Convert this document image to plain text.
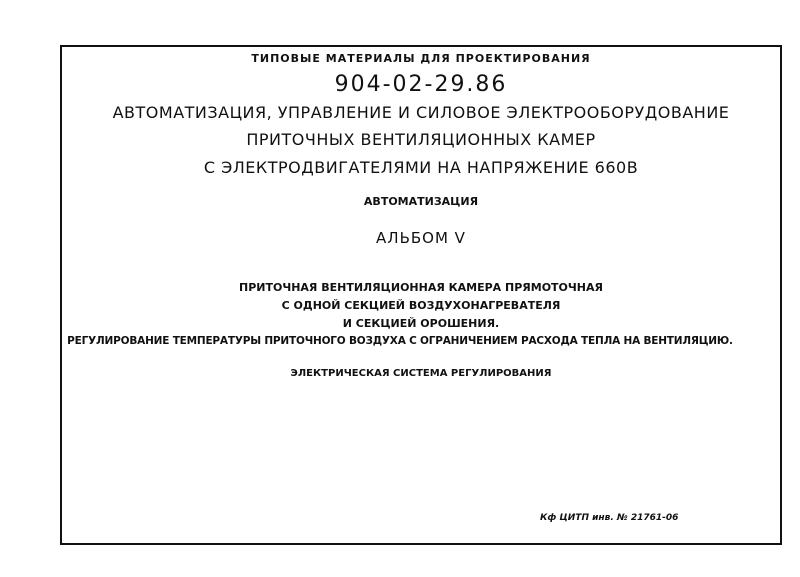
ТИПОВЫЕ МАТЕРИАЛЫ ДЛЯ ПРОЕКТИРОВАНИЯ
904-02-29.86
АВТОМАТИЗАЦИЯ, УПРАВЛЕНИЕ И СИЛОВОЕ ЭЛЕКТРООБОРУДОВАНИЕ
ПРИТОЧНЫХ ВЕНТИЛЯЦИОННЫХ КАМЕР
С ЭЛЕКТРОДВИГАТЕЛЯМИ НА НАПРЯЖЕНИЕ 660В
АВТОМАТИЗАЦИЯ
АЛЬБОМ V
ПРИТОЧНАЯ ВЕНТИЛЯЦИОННАЯ КАМЕРА ПРЯМОТОЧНАЯ
С ОДНОЙ СЕКЦИЕЙ ВОЗДУХОНАГРЕВАТЕЛЯ
И СЕКЦИЕЙ ОРОШЕНИЯ.
РЕГУЛИРОВАНИЕ ТЕМПЕРАТУРЫ ПРИТОЧНОГО ВОЗДУХА С ОГРАНИЧЕНИЕМ РАСХОДА ТЕПЛА НА ВЕНТИЛЯЦИЮ.
ЭЛЕКТРИЧЕСКАЯ СИСТЕМА РЕГУЛИРОВАНИЯ
Кф ЦИТП инв. № 21761-06
